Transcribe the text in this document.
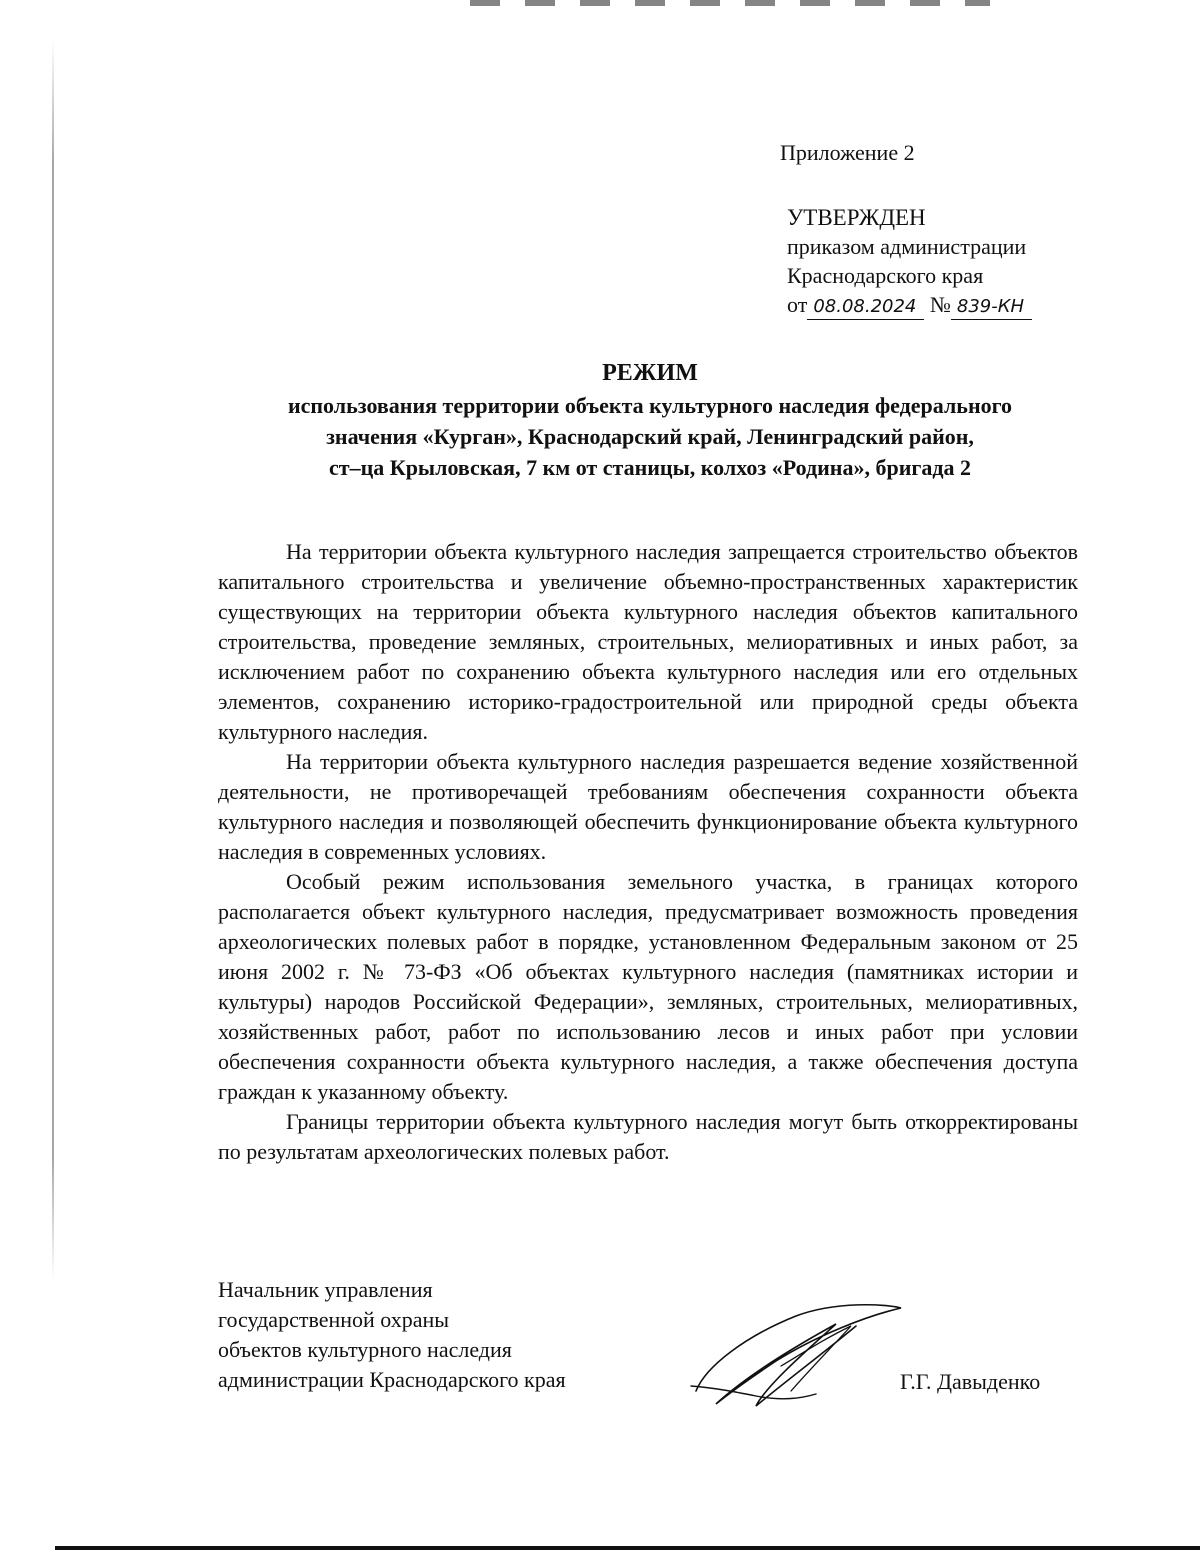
Приложение 2
УТВЕРЖДЕН
приказом администрации
Краснодарского края
от 08.08.2024 № 839-КН
РЕЖИМ
использования территории объекта культурного наследия федерального
значения «Курган», Краснодарский край, Ленинградский район,
ст–ца Крыловская, 7 км от станицы, колхоз «Родина», бригада 2

На территории объекта культурного наследия запрещается строительство объектов капитального строительства и увеличение объемно-пространственных характеристик существующих на территории объекта культурного наследия объектов капитального строительства, проведение земляных, строительных, мелиоративных и иных работ, за исключением работ по сохранению объекта культурного наследия или его отдельных элементов, сохранению историко-градостроительной или природной среды объекта культурного наследия.

На территории объекта культурного наследия разрешается ведение хозяйственной деятельности, не противоречащей требованиям обеспечения сохранности объекта культурного наследия и позволяющей обеспечить функционирование объекта культурного наследия в современных условиях.

Особый режим использования земельного участка, в границах которого располагается объект культурного наследия, предусматривает возможность проведения археологических полевых работ в порядке, установленном Федеральным законом от 25 июня 2002 г. № 73-ФЗ «Об объектах культурного наследия (памятниках истории и культуры) народов Российской Федерации», земляных, строительных, мелиоративных, хозяйственных работ, работ по использованию лесов и иных работ при условии обеспечения сохранности объекта культурного наследия, а также обеспечения доступа граждан к указанному объекту.

Границы территории объекта культурного наследия могут быть откорректированы по результатам археологических полевых работ.

Начальник управления
государственной охраны
объектов культурного наследия
администрации Краснодарского края	Г.Г. Давыденко
